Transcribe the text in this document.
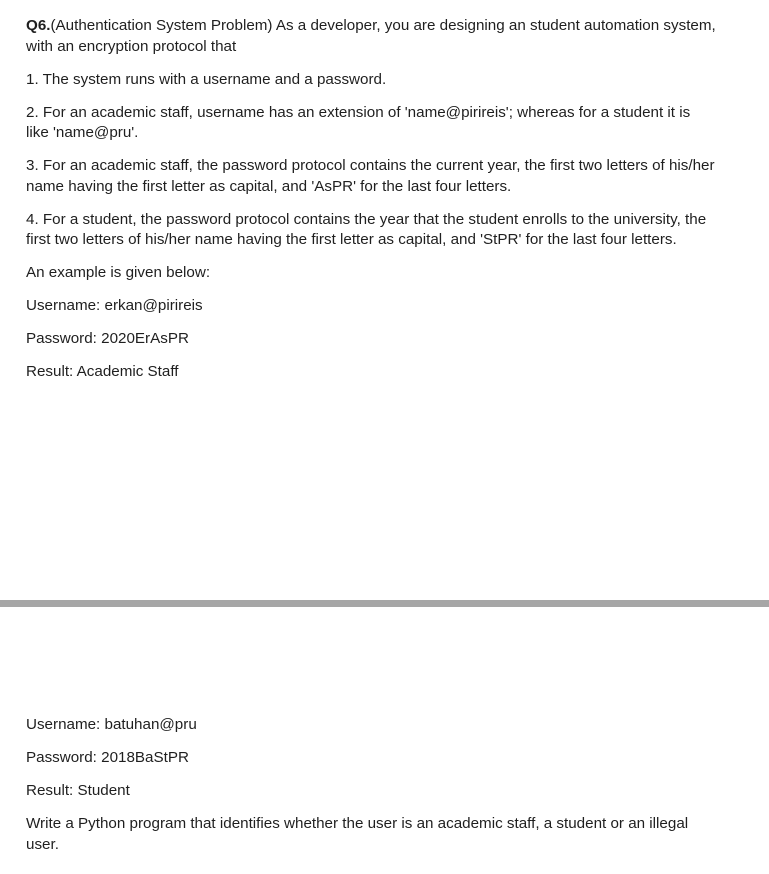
Q6.(Authentication System Problem) As a developer, you are designing an student automation system, with an encryption protocol that

1. The system runs with a username and a password.

2. For an academic staff, username has an extension of 'name@pirireis'; whereas for a student it is like 'name@pru'.

3. For an academic staff, the password protocol contains the current year, the first two letters of his/her name having the first letter as capital, and 'AsPR' for the last four letters.

4. For a student, the password protocol contains the year that the student enrolls to the university, the first two letters of his/her name having the first letter as capital, and 'StPR' for the last four letters.

An example is given below:

Username: erkan@pirireis

Password: 2020ErAsPR

Result: Academic Staff

Username: batuhan@pru

Password: 2018BaStPR

Result: Student

Write a Python program that identifies whether the user is an academic staff, a student or an illegal user.
